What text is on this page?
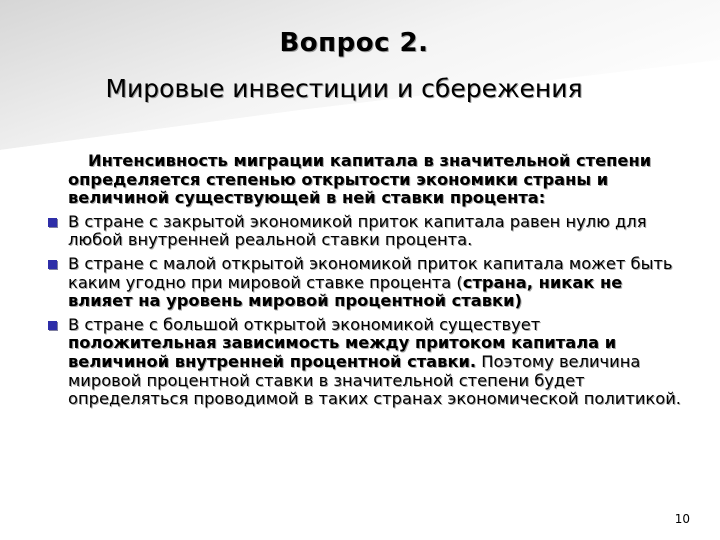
Вопрос 2.
Мировые инвестиции и сбережения

Интенсивность миграции капитала в значительной степени определяется степенью открытости экономики страны и величиной существующей в ней ставки процента:

В стране с закрытой экономикой приток капитала равен нулю для любой внутренней реальной ставки процента.
В стране с малой открытой экономикой приток капитала может быть каким угодно при мировой ставке процента (страна, никак не влияет на уровень мировой процентной ставки)
В стране с большой открытой экономикой существует положительная зависимость между притоком капитала и величиной внутренней процентной ставки. Поэтому величина мировой процентной ставки в значительной степени будет определяться проводимой в таких странах экономической политикой.
10
